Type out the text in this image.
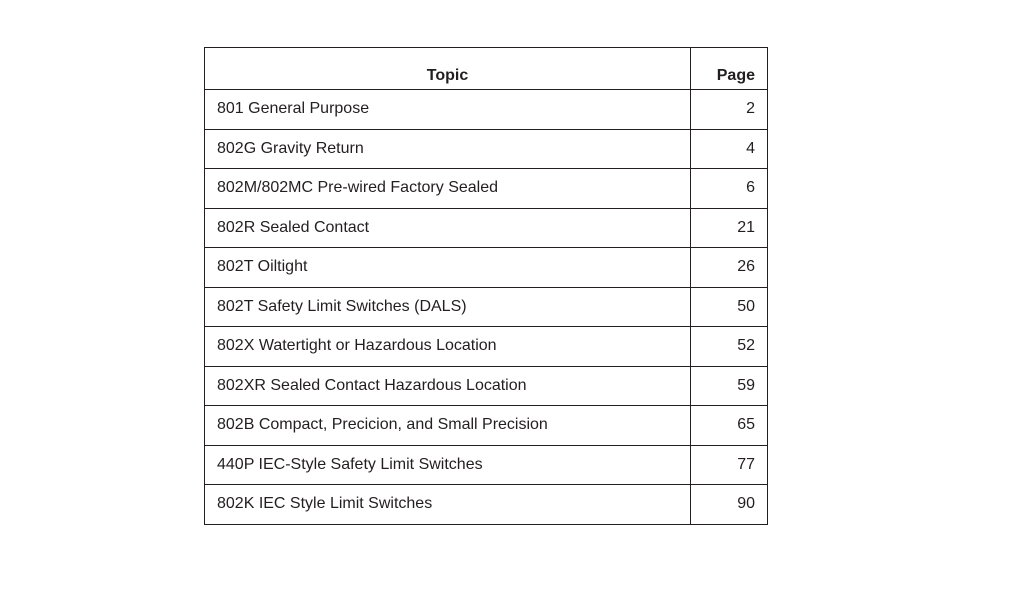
Topic	Page
801 General Purpose	2
802G Gravity Return	4
802M/802MC Pre-wired Factory Sealed	6
802R Sealed Contact	21
802T Oiltight	26
802T Safety Limit Switches (DALS)	50
802X Watertight or Hazardous Location	52
802XR Sealed Contact Hazardous Location	59
802B Compact, Precicion, and Small Precision	65
440P IEC-Style Safety Limit Switches	77
802K IEC Style Limit Switches	90
